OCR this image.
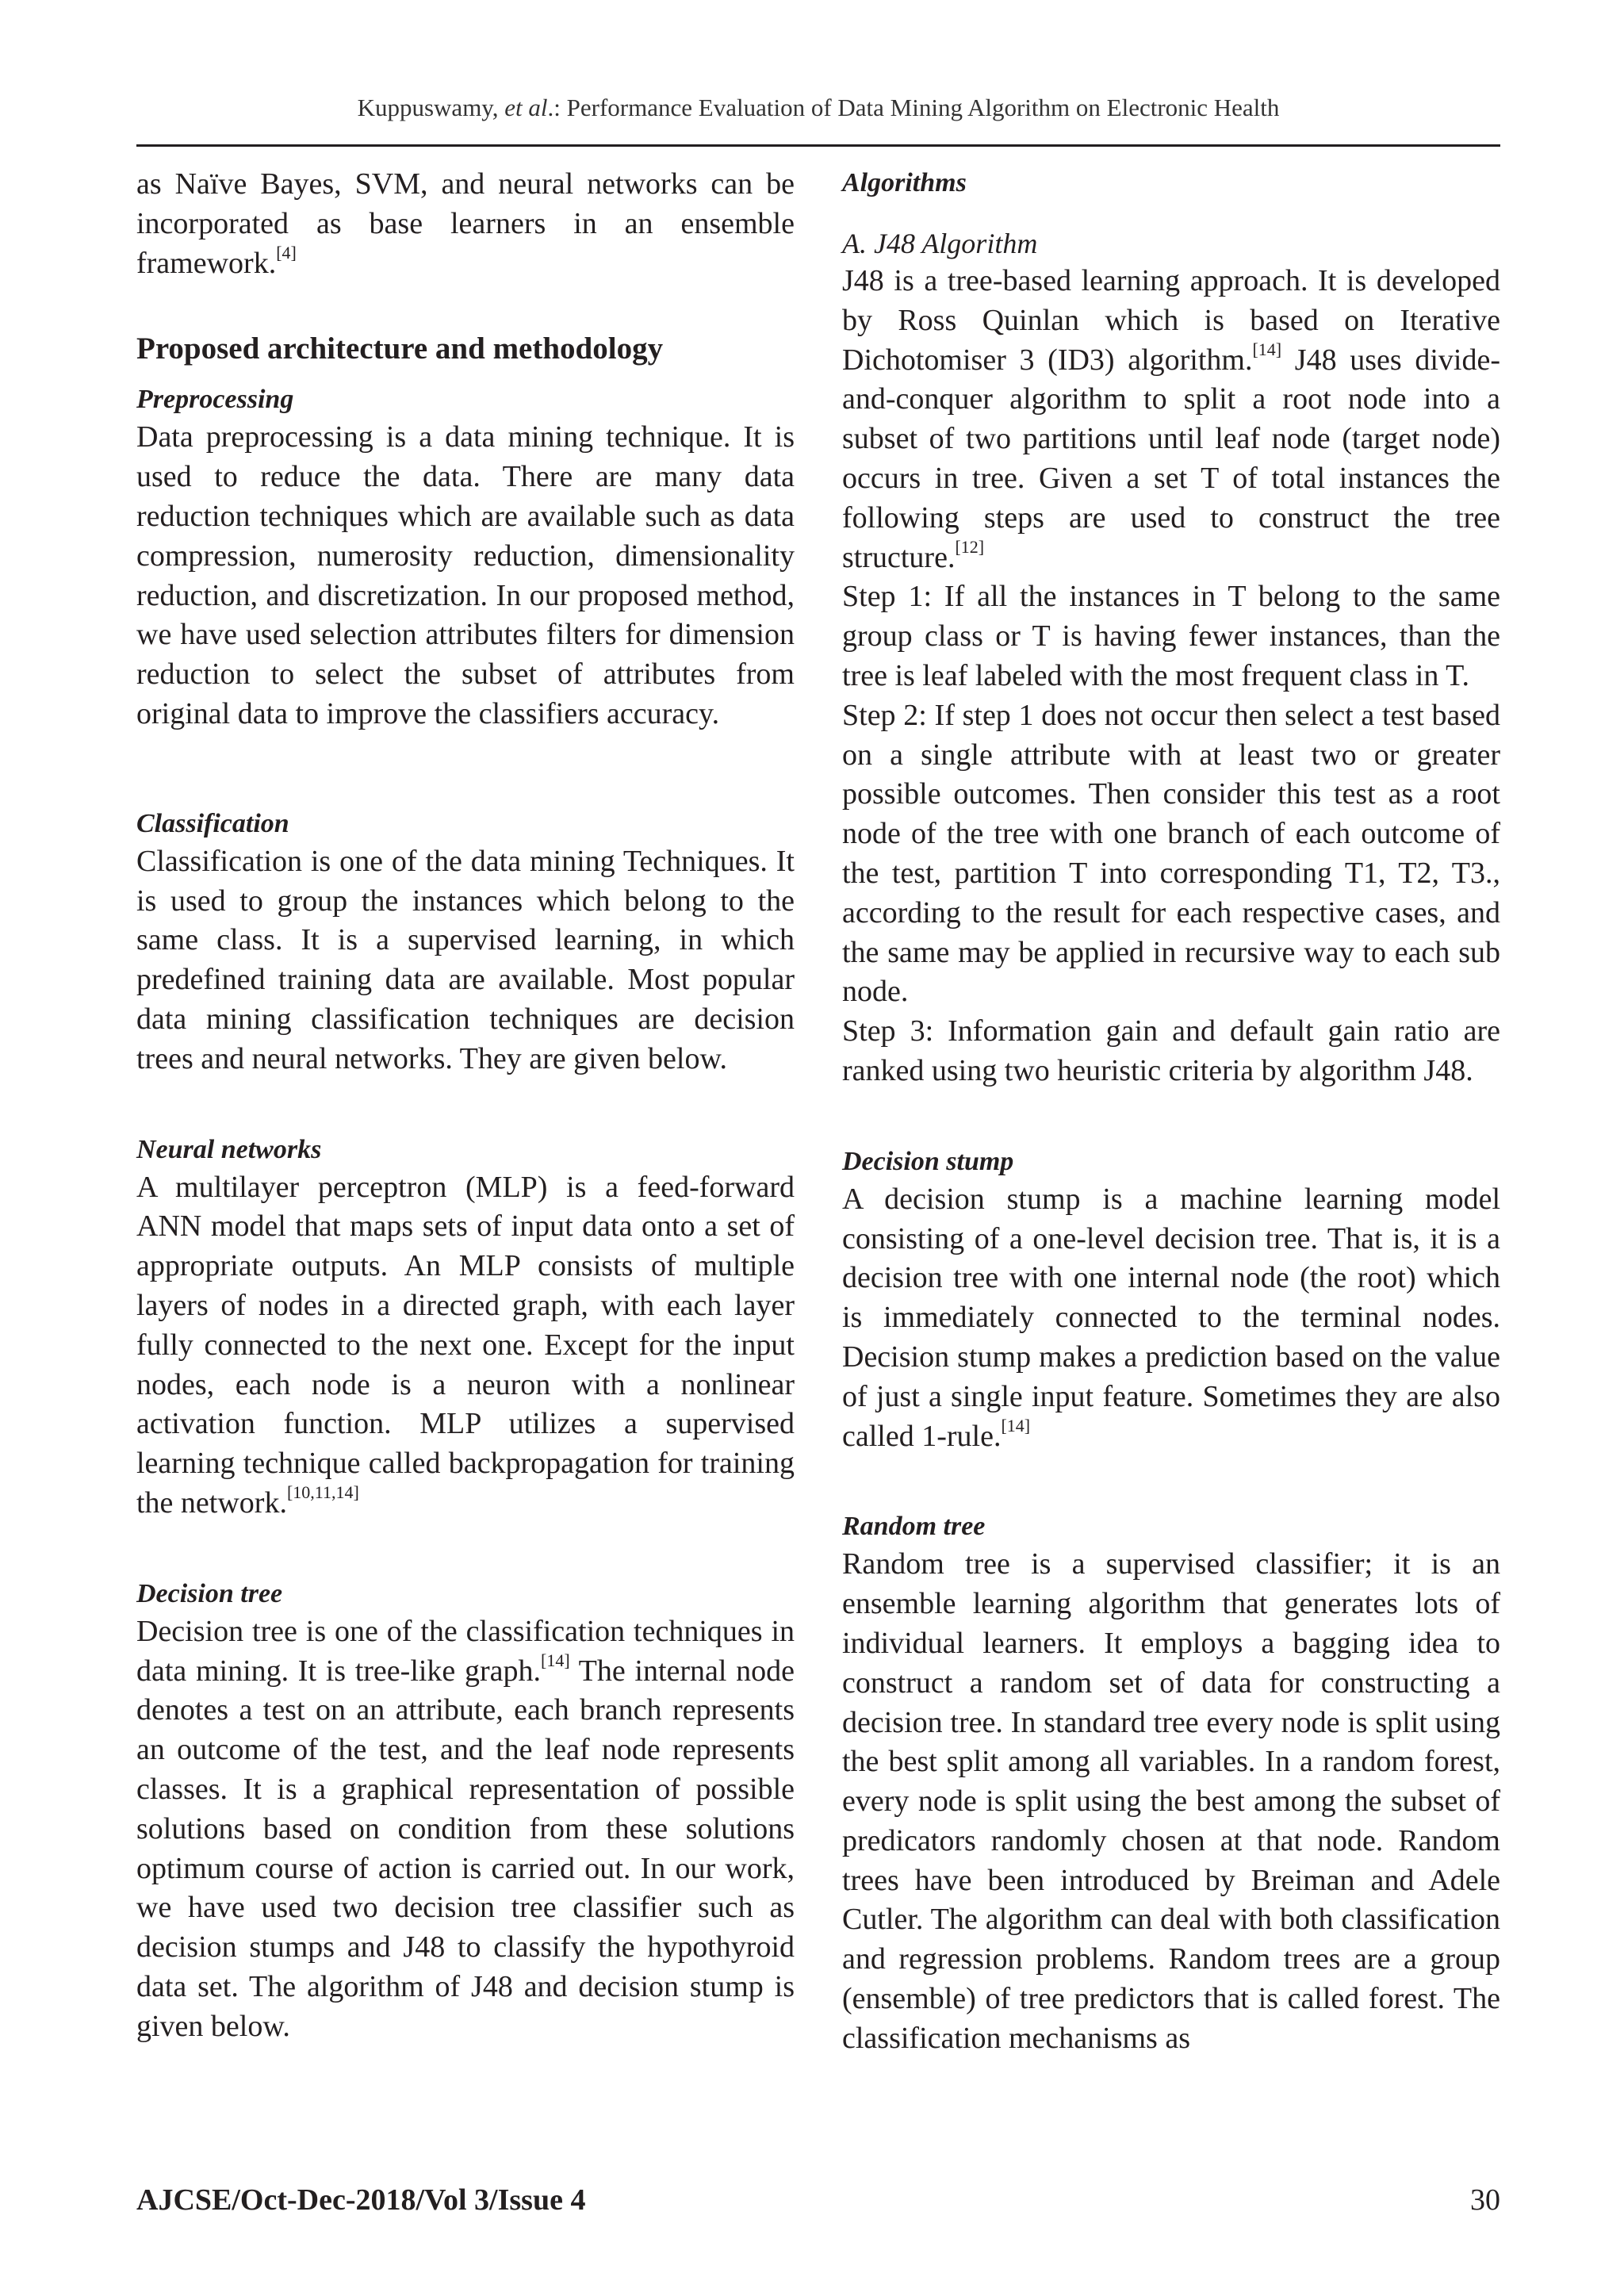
Kuppuswamy, et al.: Performance Evaluation of Data Mining Algorithm on Electronic Health

as Naïve Bayes, SVM, and neural networks can be incorporated as base learners in an ensemble framework.[4]

Proposed architecture and methodology
Preprocessing

Data preprocessing is a data mining technique. It is used to reduce the data. There are many data reduction techniques which are available such as data compression, numerosity reduction, dimensionality reduction, and discretization. In our proposed method, we have used selection attributes filters for dimension reduction to select the subset of attributes from original data to improve the classifiers accuracy.

Classification

Classification is one of the data mining Techniques. It is used to group the instances which belong to the same class. It is a supervised learning, in which predefined training data are available. Most popular data mining classification techniques are decision trees and neural networks. They are given below.

Neural networks

A multilayer perceptron (MLP) is a feed-forward ANN model that maps sets of input data onto a set of appropriate outputs. An MLP consists of multiple layers of nodes in a directed graph, with each layer fully connected to the next one. Except for the input nodes, each node is a neuron with a nonlinear activation function. MLP utilizes a supervised learning technique called backpropagation for training the network.[10,11,14]

Decision tree

Decision tree is one of the classification techniques in data mining. It is tree-like graph.[14] The internal node denotes a test on an attribute, each branch represents an outcome of the test, and the leaf node represents classes. It is a graphical representation of possible solutions based on condition from these solutions optimum course of action is carried out. In our work, we have used two decision tree classifier such as decision stumps and J48 to classify the hypothyroid data set. The algorithm of J48 and decision stump is given below.

Algorithms
A. J48 Algorithm

J48 is a tree-based learning approach. It is developed by Ross Quinlan which is based on Iterative Dichotomiser 3 (ID3) algorithm.[14] J48 uses divide-and-conquer algorithm to split a root node into a subset of two partitions until leaf node (target node) occurs in tree. Given a set T of total instances the following steps are used to construct the tree structure.[12]

Step 1: If all the instances in T belong to the same group class or T is having fewer instances, than the tree is leaf labeled with the most frequent class in T.

Step 2: If step 1 does not occur then select a test based on a single attribute with at least two or greater possible outcomes. Then consider this test as a root node of the tree with one branch of each outcome of the test, partition T into corresponding T1, T2, T3., according to the result for each respective cases, and the same may be applied in recursive way to each sub node.

Step 3: Information gain and default gain ratio are ranked using two heuristic criteria by algorithm J48.

Decision stump

A decision stump is a machine learning model consisting of a one-level decision tree. That is, it is a decision tree with one internal node (the root) which is immediately connected to the terminal nodes. Decision stump makes a prediction based on the value of just a single input feature. Sometimes they are also called 1-rule.[14]

Random tree

Random tree is a supervised classifier; it is an ensemble learning algorithm that generates lots of individual learners. It employs a bagging idea to construct a random set of data for constructing a decision tree. In standard tree every node is split using the best split among all variables. In a random forest, every node is split using the best among the subset of predicators randomly chosen at that node. Random trees have been introduced by Breiman and Adele Cutler. The algorithm can deal with both classification and regression problems. Random trees are a group (ensemble) of tree predictors that is called forest. The classification mechanisms as

AJCSE/Oct-Dec-2018/Vol 3/Issue 4	30
